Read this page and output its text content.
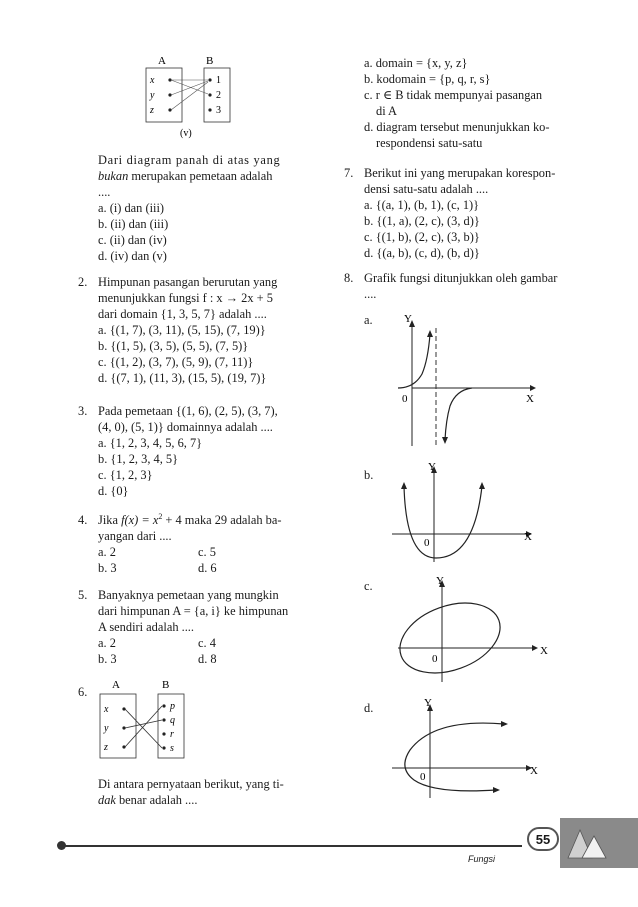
A	B
x
y
z
1
2
3
(v)

Dari diagram panah di atas yang

bukan merupakan pemetaan adalah

....

a. (i) dan (iii)

b. (ii) dan (iii)

c. (ii) dan (iv)

d. (iv) dan (v)

2. Himpunan pasangan berurutan yang

menunjukkan fungsi f : x → 2x + 5

dari domain {1, 3, 5, 7} adalah ....

a. {(1, 7), (3, 11), (5, 15), (7, 19)}

b. {(1, 5), (3, 5), (5, 5), (7, 5)}

c. {(1, 2), (3, 7), (5, 9), (7, 11)}

d. {(7, 1), (11, 3), (15, 5), (19, 7)}

3. Pada pemetaan {(1, 6), (2, 5), (3, 7),

(4, 0), (5, 1)} domainnya adalah ....

a. {1, 2, 3, 4, 5, 6, 7}

b. {1, 2, 3, 4, 5}

c. {1, 2, 3}

d. {0}

4. Jika $f(x) = x^2 + 4$ maka 29 adalah ba-

yangan dari ....

a. 2	c. 5

b. 3	d. 6

5. Banyaknya pemetaan yang mungkin

dari himpunan A = {a, i} ke himpunan

A sendiri adalah ....

a. 2	c. 4

b. 3	d. 8

6. A	B
x
y
z
p
q
r
s

Di antara pernyataan berikut, yang ti-

dak benar adalah ....

a. domain = {x, y, z}

b. kodomain = {p, q, r, s}

c. r ∈ B tidak mempunyai pasangan

di A

d. diagram tersebut menunjukkan ko-

respondensi satu-satu

7. Berikut ini yang merupakan korespon-

densi satu-satu adalah ....

a. {(a, 1), (b, 1), (c, 1)}

b. {(1, a), (2, c), (3, d)}

c. {(1, b), (2, c), (3, b)}

d. {(a, b), (c, d), (b, d)}

8. Grafik fungsi ditunjukkan oleh gambar

....

a.	Y
X
0
b.
Y
X
0
c.	Y
X
0
d.	Y
X
0
Fungsi
55
